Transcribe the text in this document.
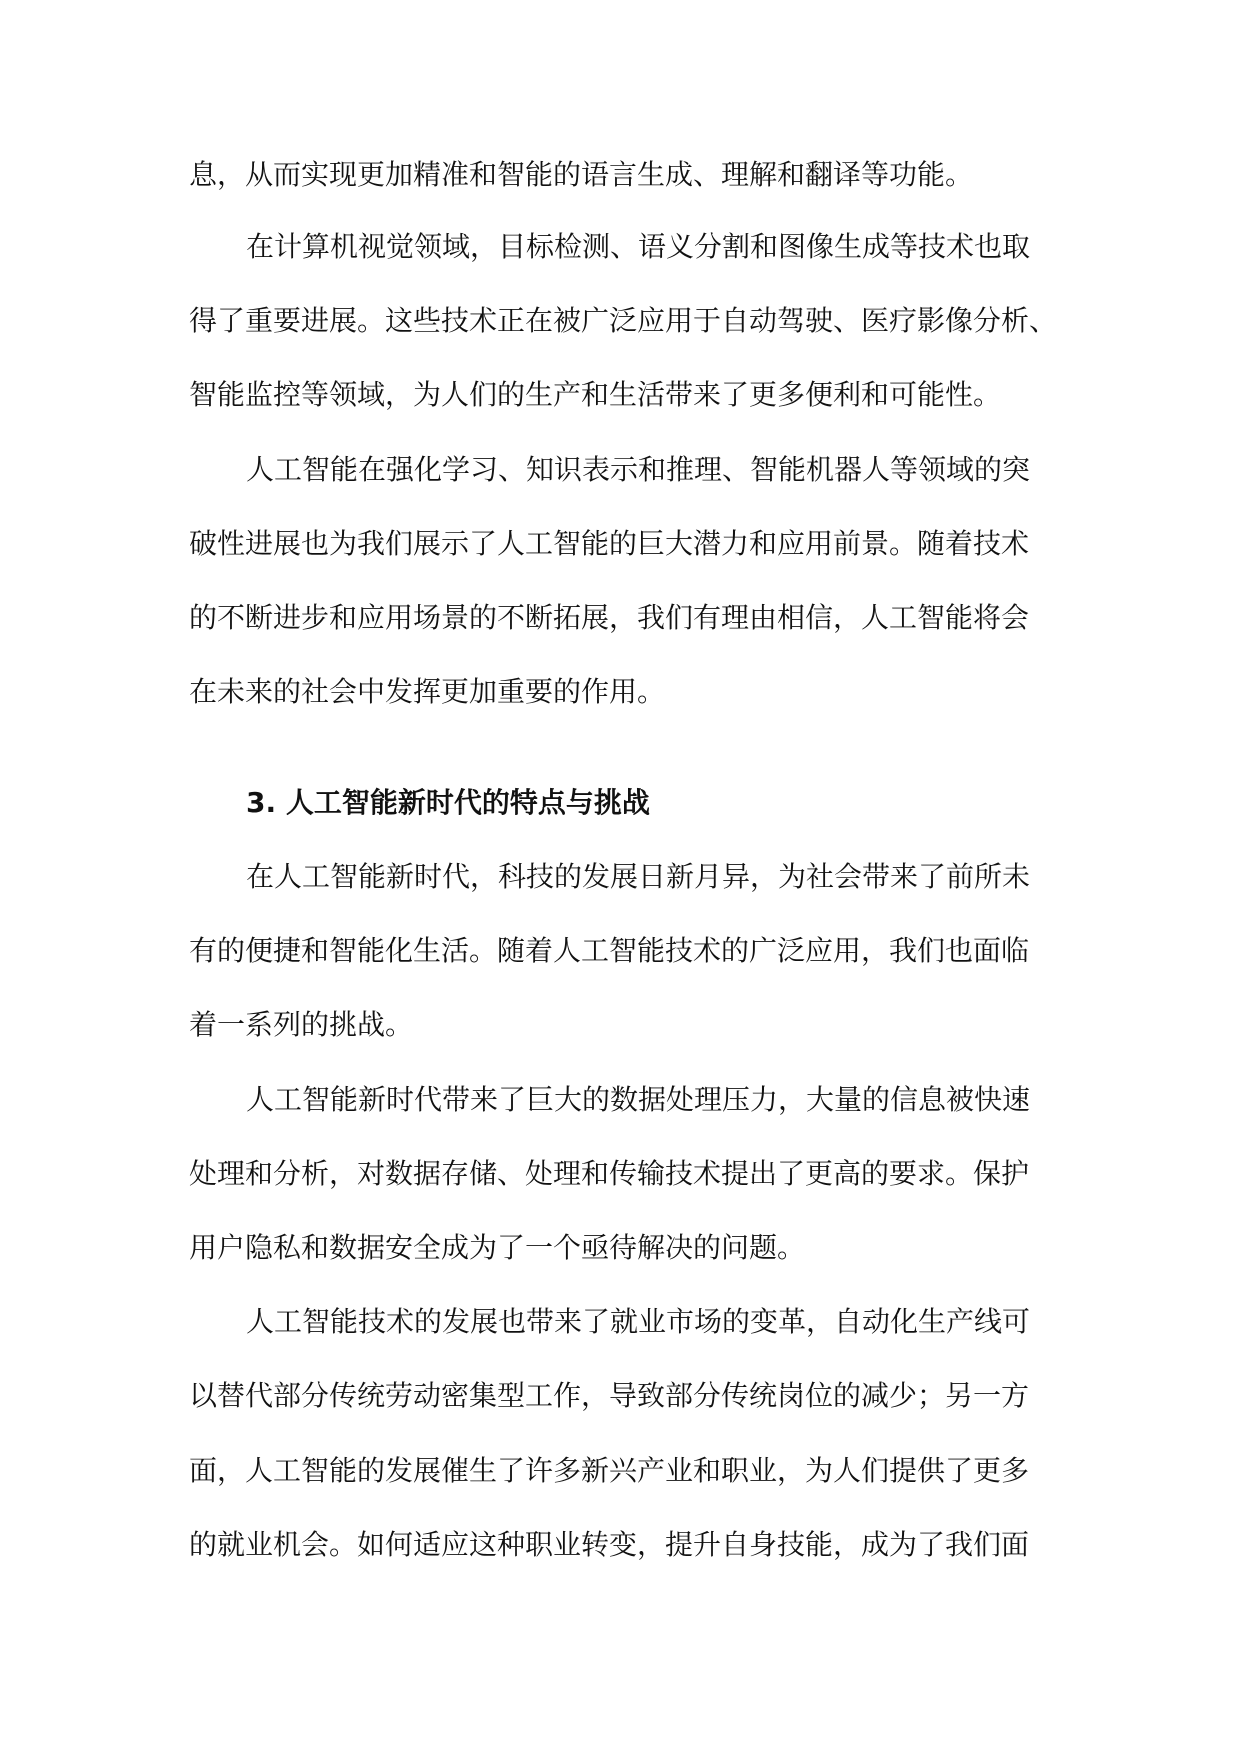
息，从而实现更加精准和智能的语言生成、理解和翻译等功能。
在计算机视觉领域，目标检测、语义分割和图像生成等技术也取
得了重要进展。这些技术正在被广泛应用于自动驾驶、医疗影像分析、
智能监控等领域，为人们的生产和生活带来了更多便利和可能性。
人工智能在强化学习、知识表示和推理、智能机器人等领域的突
破性进展也为我们展示了人工智能的巨大潜力和应用前景。随着技术
的不断进步和应用场景的不断拓展，我们有理由相信，人工智能将会
在未来的社会中发挥更加重要的作用。
3. 人工智能新时代的特点与挑战
在人工智能新时代，科技的发展日新月异，为社会带来了前所未
有的便捷和智能化生活。随着人工智能技术的广泛应用，我们也面临
着一系列的挑战。
人工智能新时代带来了巨大的数据处理压力，大量的信息被快速
处理和分析，对数据存储、处理和传输技术提出了更高的要求。保护
用户隐私和数据安全成为了一个亟待解决的问题。
人工智能技术的发展也带来了就业市场的变革，自动化生产线可
以替代部分传统劳动密集型工作，导致部分传统岗位的减少；另一方
面，人工智能的发展催生了许多新兴产业和职业，为人们提供了更多
的就业机会。如何适应这种职业转变，提升自身技能，成为了我们面
